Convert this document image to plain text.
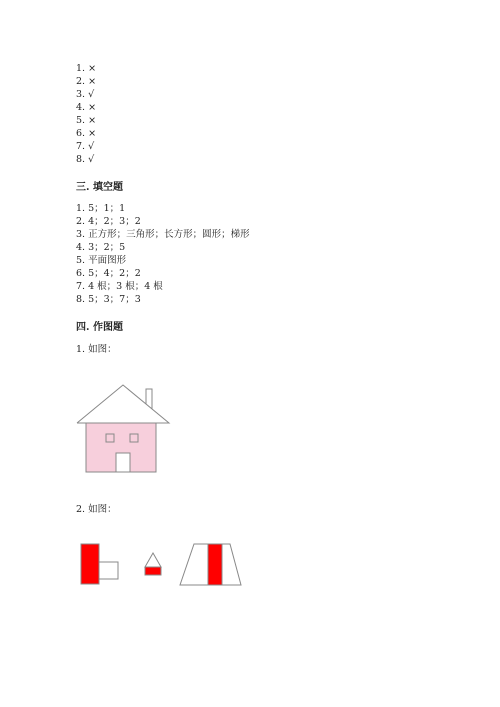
1. ×
2. ×
3. √
4. ×
5. ×
6. ×
7. √
8. √
三. 填空题
1. 5；1；1
2. 4；2；3；2
3. 正方形；三角形；长方形；圆形；梯形
4. 3；2；5
5. 平面图形
6. 5；4；2；2
7. 4 根；3 根；4 根
8. 5；3；7；3
四. 作图题
1. 如图：
2. 如图：
